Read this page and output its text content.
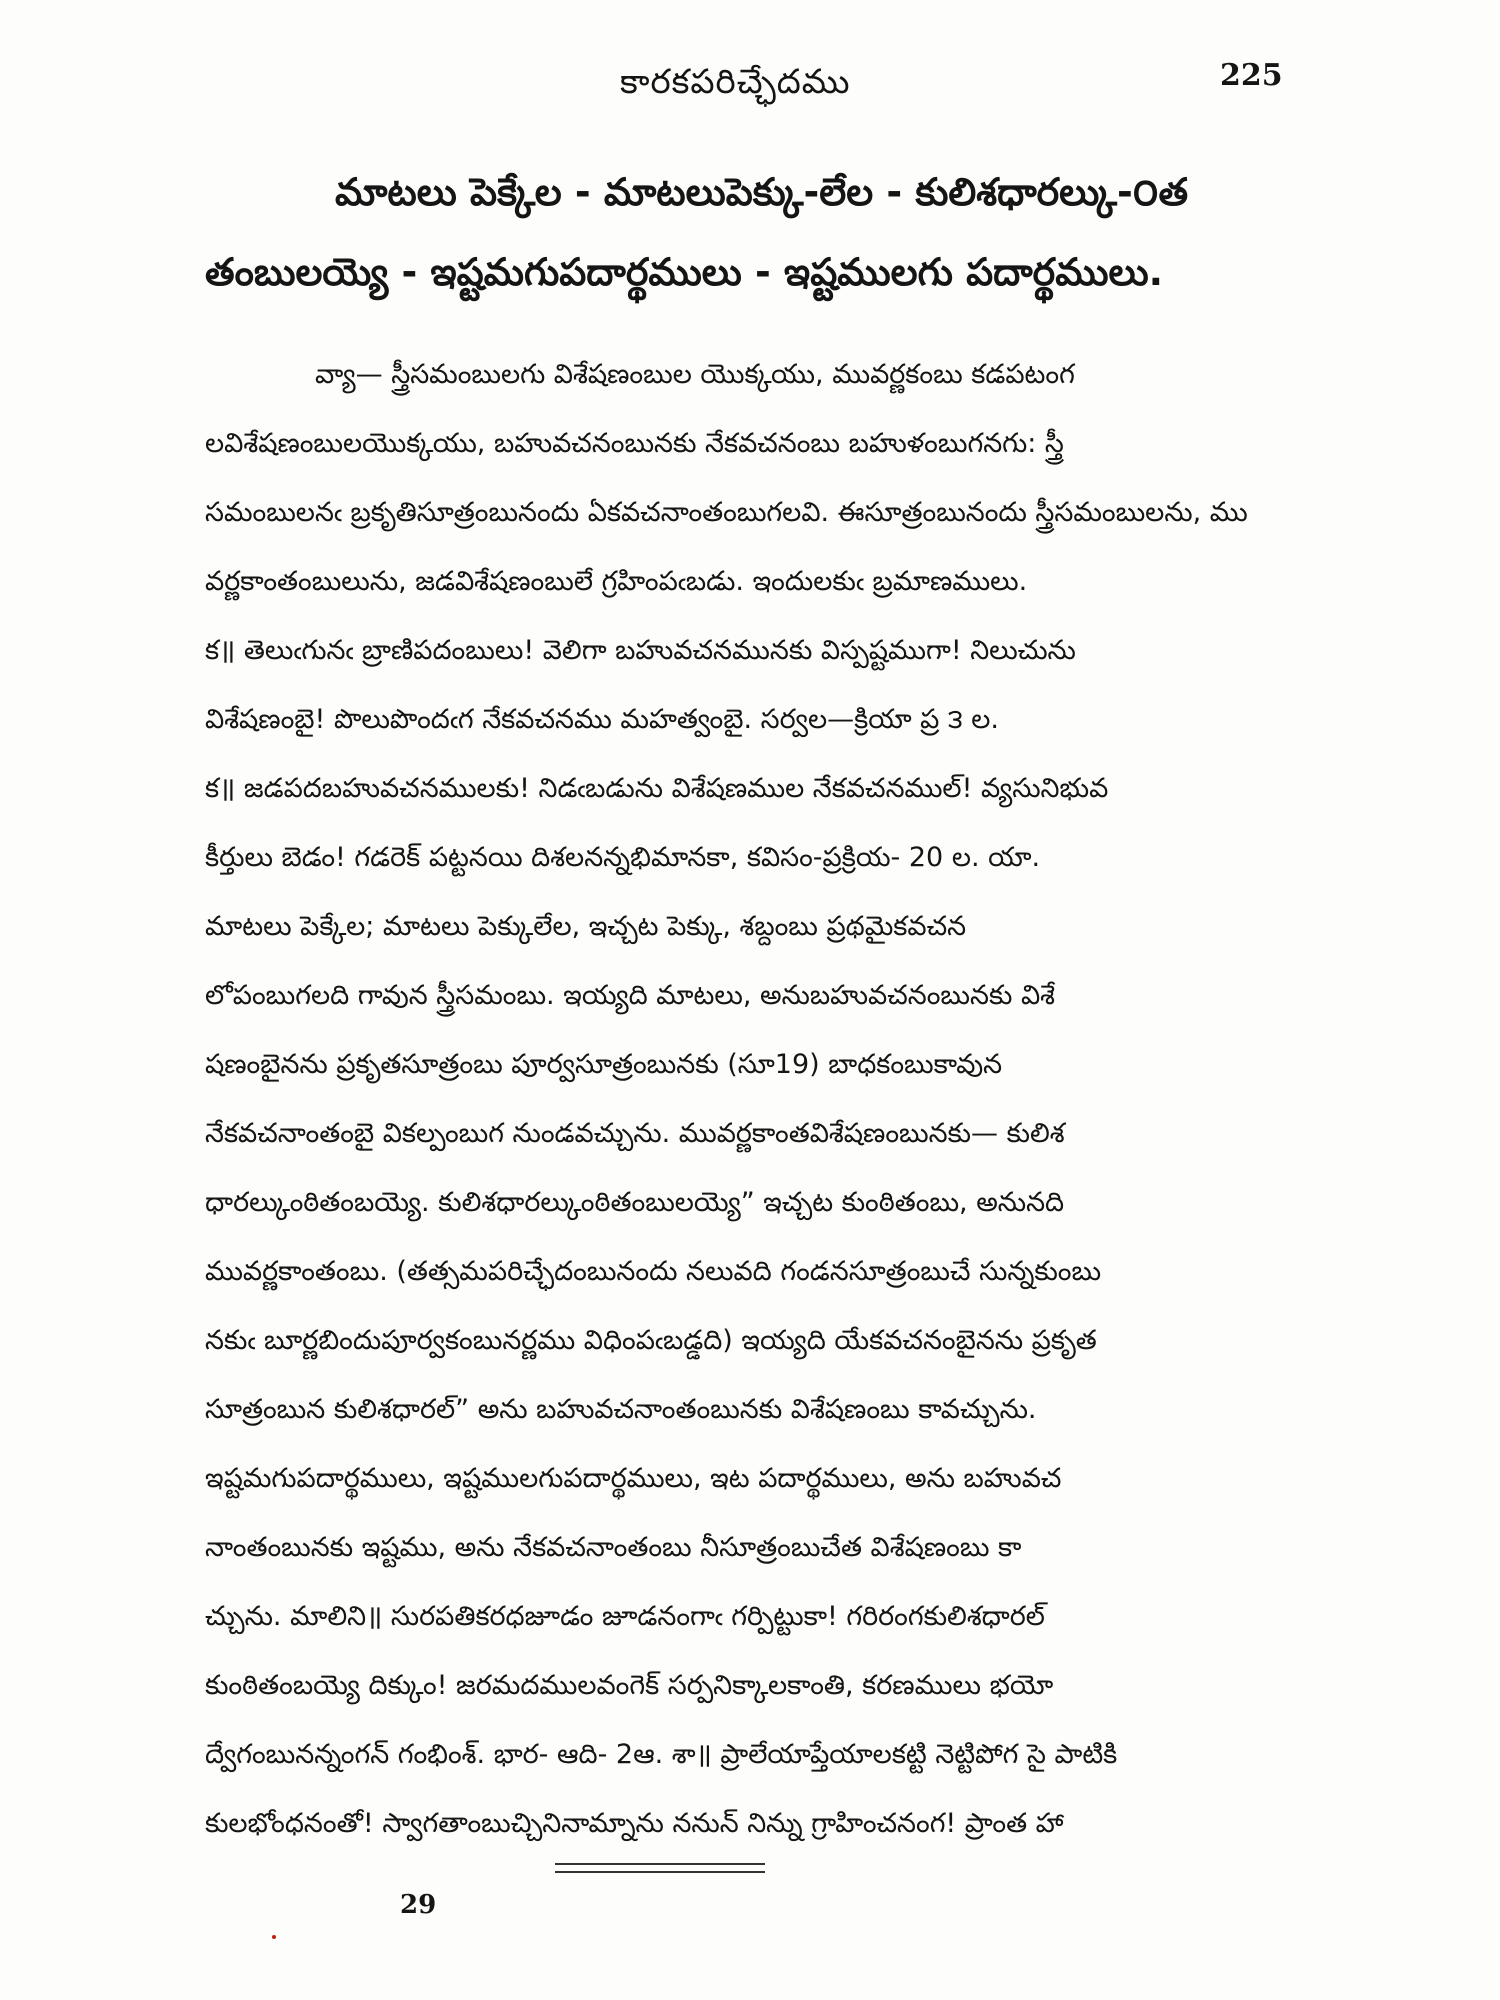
కారకపరిచ్ఛేదము	225
మాటలు పెక్కేల - మాటలుపెక్కు-లేల - కులిశధారల్కు-౦త
తంబులయ్యె - ఇష్టమగుపదార్థములు - ఇష్టములగు పదార్థములు.
వ్యా— స్త్రీసమంబులగు విశేషణంబుల యొక్కయు, మువర్ణకంబు కడపటంగ
లవిశేషణంబులయొక్కయు, బహువచనంబునకు నేకవచనంబు బహుళంబుగనగు: స్త్రీ
సమంబులనఁ బ్రకృతిసూత్రంబునందు ఏకవచనాంతంబుగలవి. ఈసూత్రంబునందు స్త్రీసమంబులను, ము
వర్ణకాంతంబులును, జడవిశేషణంబులే గ్రహింపఁబడు. ఇందులకుఁ బ్రమాణములు.
క॥ తెలుఁగునఁ బ్రాణిపదంబులు! వెలిగా బహువచనమునకు విస్పష్టముగా! నిలుచును
విశేషణంబై! పొలుపొందఁగ నేకవచనము మహత్వంబై. సర్వల—క్రియా ప్ర ౩ ల.
క॥ జడపదబహువచనములకు! నిడఁబడును విశేషణముల నేకవచనముల్! వ్యసునిభువ
కీర్తులు బెడం! గడరెక్ పట్టనయి దిశలనన్నభిమానకా, కవిసం-ప్రక్రియ- 20 ల. యా.
మాటలు పెక్కేల; మాటలు పెక్కులేల, ఇచ్చట పెక్కు, శబ్దంబు ప్రథమైకవచన
లోపంబుగలది గావున స్త్రీసమంబు. ఇయ్యది మాటలు, అనుబహువచనంబునకు విశే
షణంబైనను ప్రకృతసూత్రంబు పూర్వసూత్రంబునకు (సూ19) బాధకంబుకావున
నేకవచనాంతంబై వికల్పంబుగ నుండవచ్చును. మువర్ణకాంతవిశేషణంబునకు— కులిశ
ధారల్కుంఠితంబయ్యె. కులిశధారల్కుంఠితంబులయ్యె” ఇచ్చట కుంఠితంబు, అనునది
మువర్ణకాంతంబు. (తత్సమపరిచ్ఛేదంబునందు నలువది గండనసూత్రంబుచే సున్నకుంబు
నకుఁ బూర్ణబిందుపూర్వకంబునర్ణము విధింపఁబడ్డది) ఇయ్యది యేకవచనంబైనను ప్రకృత
సూత్రంబున కులిశధారల్” అను బహువచనాంతంబునకు విశేషణంబు కావచ్చును.
ఇష్టమగుపదార్థములు, ఇష్టములగుపదార్థములు, ఇట పదార్థములు, అను బహువచ
నాంతంబునకు ఇష్టము, అను నేకవచనాంతంబు నీసూత్రంబుచేత విశేషణంబు కా
చ్చును. మాలిని॥ సురపతికరధజూడం జూడనంగాఁ గర్పిట్టుకా! గరిరంగకులిశధారల్
కుంఠితంబయ్యె దిక్కుం! జరమదములవంగెక్ సర్పనిక్కాలకాంతి, కరణములు భయో
ద్వేగంబునన్నంగన్ గంభింశ్. భార- ఆది- 2ఆ. శా॥ ప్రాలేయాప్తేయాలకట్టి నెట్టిపోగ సై పాటికి
కులభోంధనంతో! స్వాగతాంబుచ్చినినామ్నాను ననున్ నిన్ను గ్రాహించనంగ! ప్రాంత హా
29
